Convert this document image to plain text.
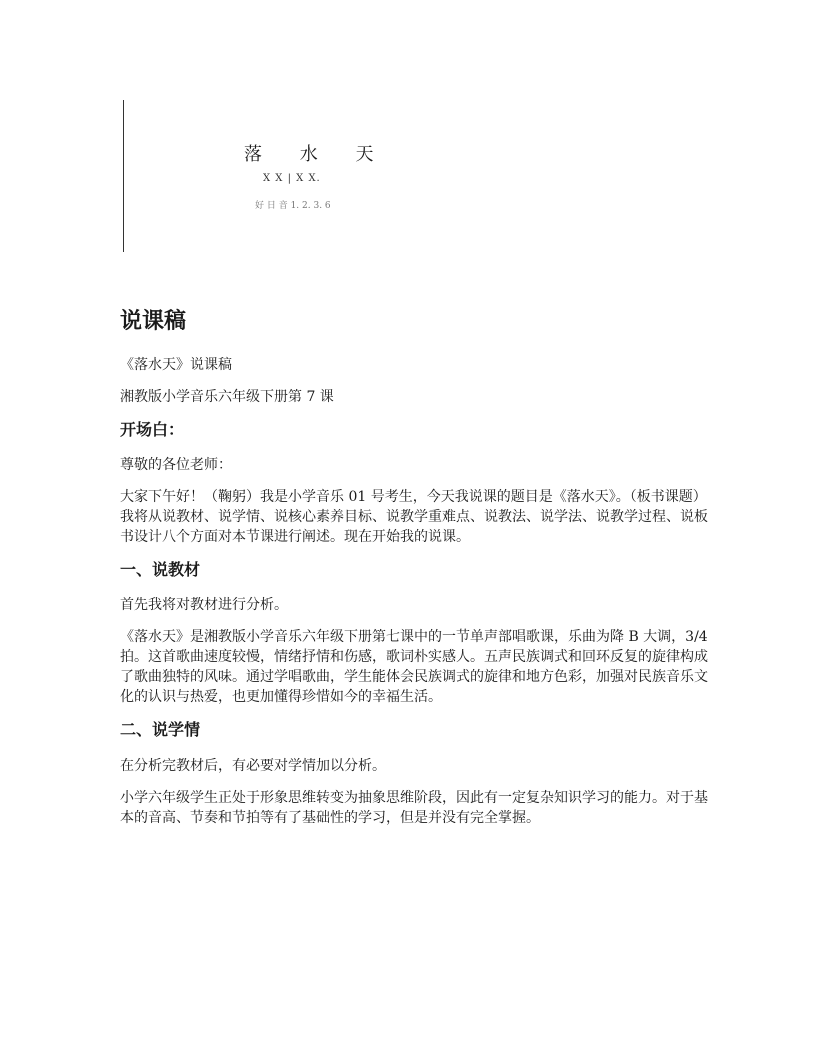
落 水 天
X X | X X.
好 日 音 1. 2. 3. 6
说课稿

《落水天》说课稿

湘教版小学音乐六年级下册第 7 课

开场白：

尊敬的各位老师：

大家下午好！（鞠躬）我是小学音乐 01 号考生，今天我说课的题目是《落水天》。（板书课题）我将从说教材、说学情、说核心素养目标、说教学重难点、说教法、说学法、说教学过程、说板书设计八个方面对本节课进行阐述。现在开始我的说课。

一、说教材

首先我将对教材进行分析。

《落水天》是湘教版小学音乐六年级下册第七课中的一节单声部唱歌课，乐曲为降 B 大调，3/4 拍。这首歌曲速度较慢，情绪抒情和伤感，歌词朴实感人。五声民族调式和回环反复的旋律构成了歌曲独特的风味。通过学唱歌曲，学生能体会民族调式的旋律和地方色彩，加强对民族音乐文化的认识与热爱，也更加懂得珍惜如今的幸福生活。

二、说学情

在分析完教材后，有必要对学情加以分析。

小学六年级学生正处于形象思维转变为抽象思维阶段，因此有一定复杂知识学习的能力。对于基本的音高、节奏和节拍等有了基础性的学习，但是并没有完全掌握。
